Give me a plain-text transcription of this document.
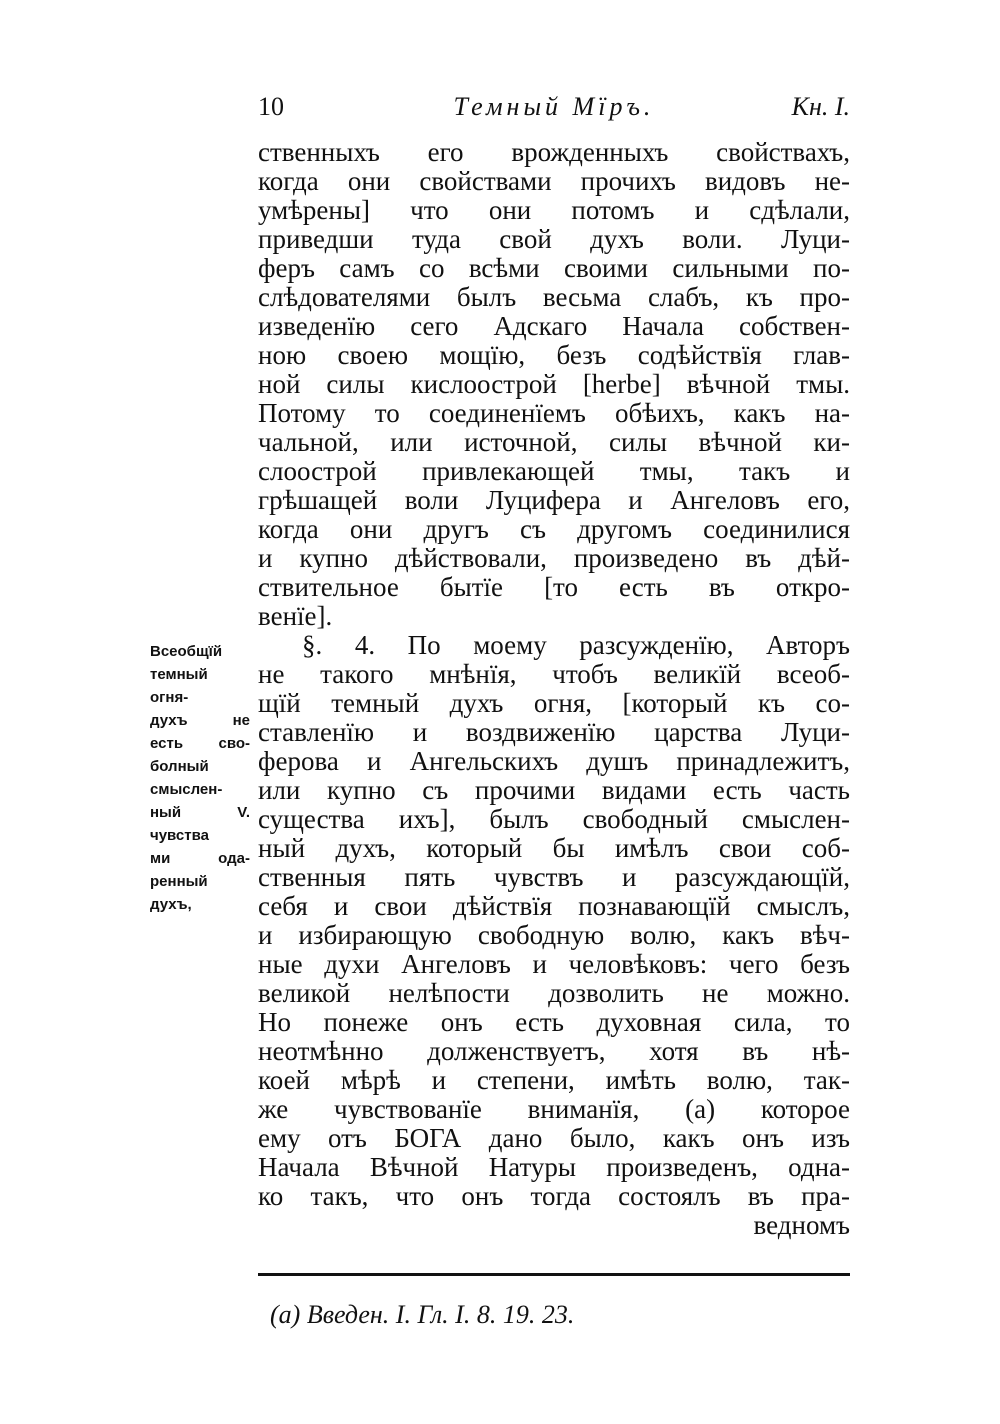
10	Темный Мїръ.	Кн. I.
ственныхъ его врожденныхъ свойствахъ,
когда они свойствами прочихъ видовъ не-
умѣрены] что они потомъ и сдѣлали,
приведши туда свой духъ воли. Луци-
феръ самъ со всѣми своими сильными по-
слѣдователями былъ весьма слабъ, къ про-
изведенїю сего Адскаго Начала собствен-
ною своею мощїю, безъ содѣйствїя глав-
ной силы кислоострой [herbe] вѣчной тмы.
Потому то соединенїемъ обѣихъ, какъ на-
чальной, или источной, силы вѣчной ки-
слоострой привлекающей тмы, такъ и
грѣшащей воли Луцифера и Ангеловъ его,
когда они другъ съ другомъ соединилися
и купно дѣйствовали, произведено въ дѣй-
ствительное бытїе [то есть въ откро-
венїе].
§. 4. По моему разсужденїю, Авторъ
не такого мнѣнїя, чтобъ великїй всеоб-
щїй темный духъ огня, [который къ со-
ставленїю и воздвиженїю царства Луци-
ферова и Ангельскихъ душъ принадлежитъ,
или купно съ прочими видами есть часть
существа ихъ], былъ свободный смыслен-
ный духъ, который бы имѣлъ свои соб-
ственныя пять чувствъ и разсуждающїй,
себя и свои дѣйствїя познавающїй смыслъ,
и избирающую свободную волю, какъ вѣч-
ные духи Ангеловъ и человѣковъ: чего безъ
великой нелѣпости дозволить не можно.
Но понеже онъ есть духовная сила, то
неотмѣнно долженствуетъ, хотя въ нѣ-
коей мѣрѣ и степени, имѣть волю, так-
же чувствованїе вниманїя, (а) которое
ему отъ БОГА дано было, какъ онъ изъ
Начала Вѣчной Натуры произведенъ, одна-
ко такъ, что онъ тогда состоялъ въ пра-
ведномъ
Всеобщїй
темный
огня-
духъ не
есть сво-
болный
смыслен-
ный V.
чувства
ми ода-
ренный
духъ,
(а) Введен. I. Гл. I. 8. 19. 23.
